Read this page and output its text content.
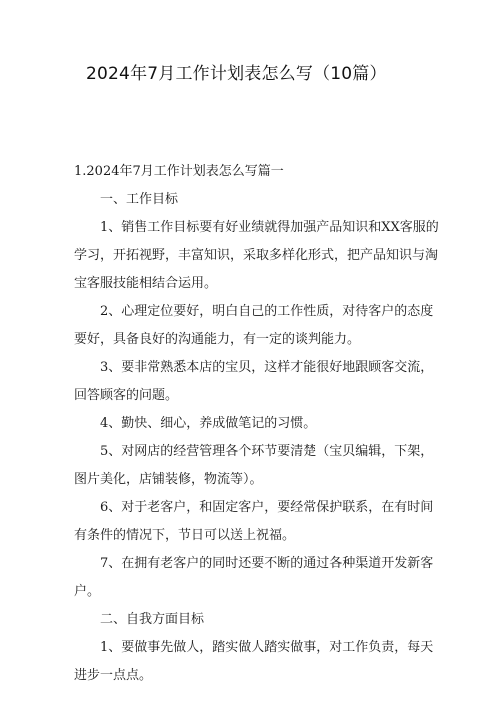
2024年7月工作计划表怎么写（10篇）

1.2024年7月工作计划表怎么写篇一

一、工作目标

1、销售工作目标要有好业绩就得加强产品知识和XX客服的

学习，开拓视野，丰富知识，采取多样化形式，把产品知识与淘

宝客服技能相结合运用。

2、心理定位要好，明白自己的工作性质，对待客户的态度

要好，具备良好的沟通能力，有一定的谈判能力。

3、要非常熟悉本店的宝贝，这样才能很好地跟顾客交流，

回答顾客的问题。

4、勤快、细心，养成做笔记的习惯。

5、对网店的经营管理各个环节要清楚（宝贝编辑，下架，

图片美化，店铺装修，物流等）。

6、对于老客户，和固定客户，要经常保护联系，在有时间

有条件的情况下，节日可以送上祝福。

7、在拥有老客户的同时还要不断的通过各种渠道开发新客

户。

二、自我方面目标

1、要做事先做人，踏实做人踏实做事，对工作负责，每天

进步一点点。
